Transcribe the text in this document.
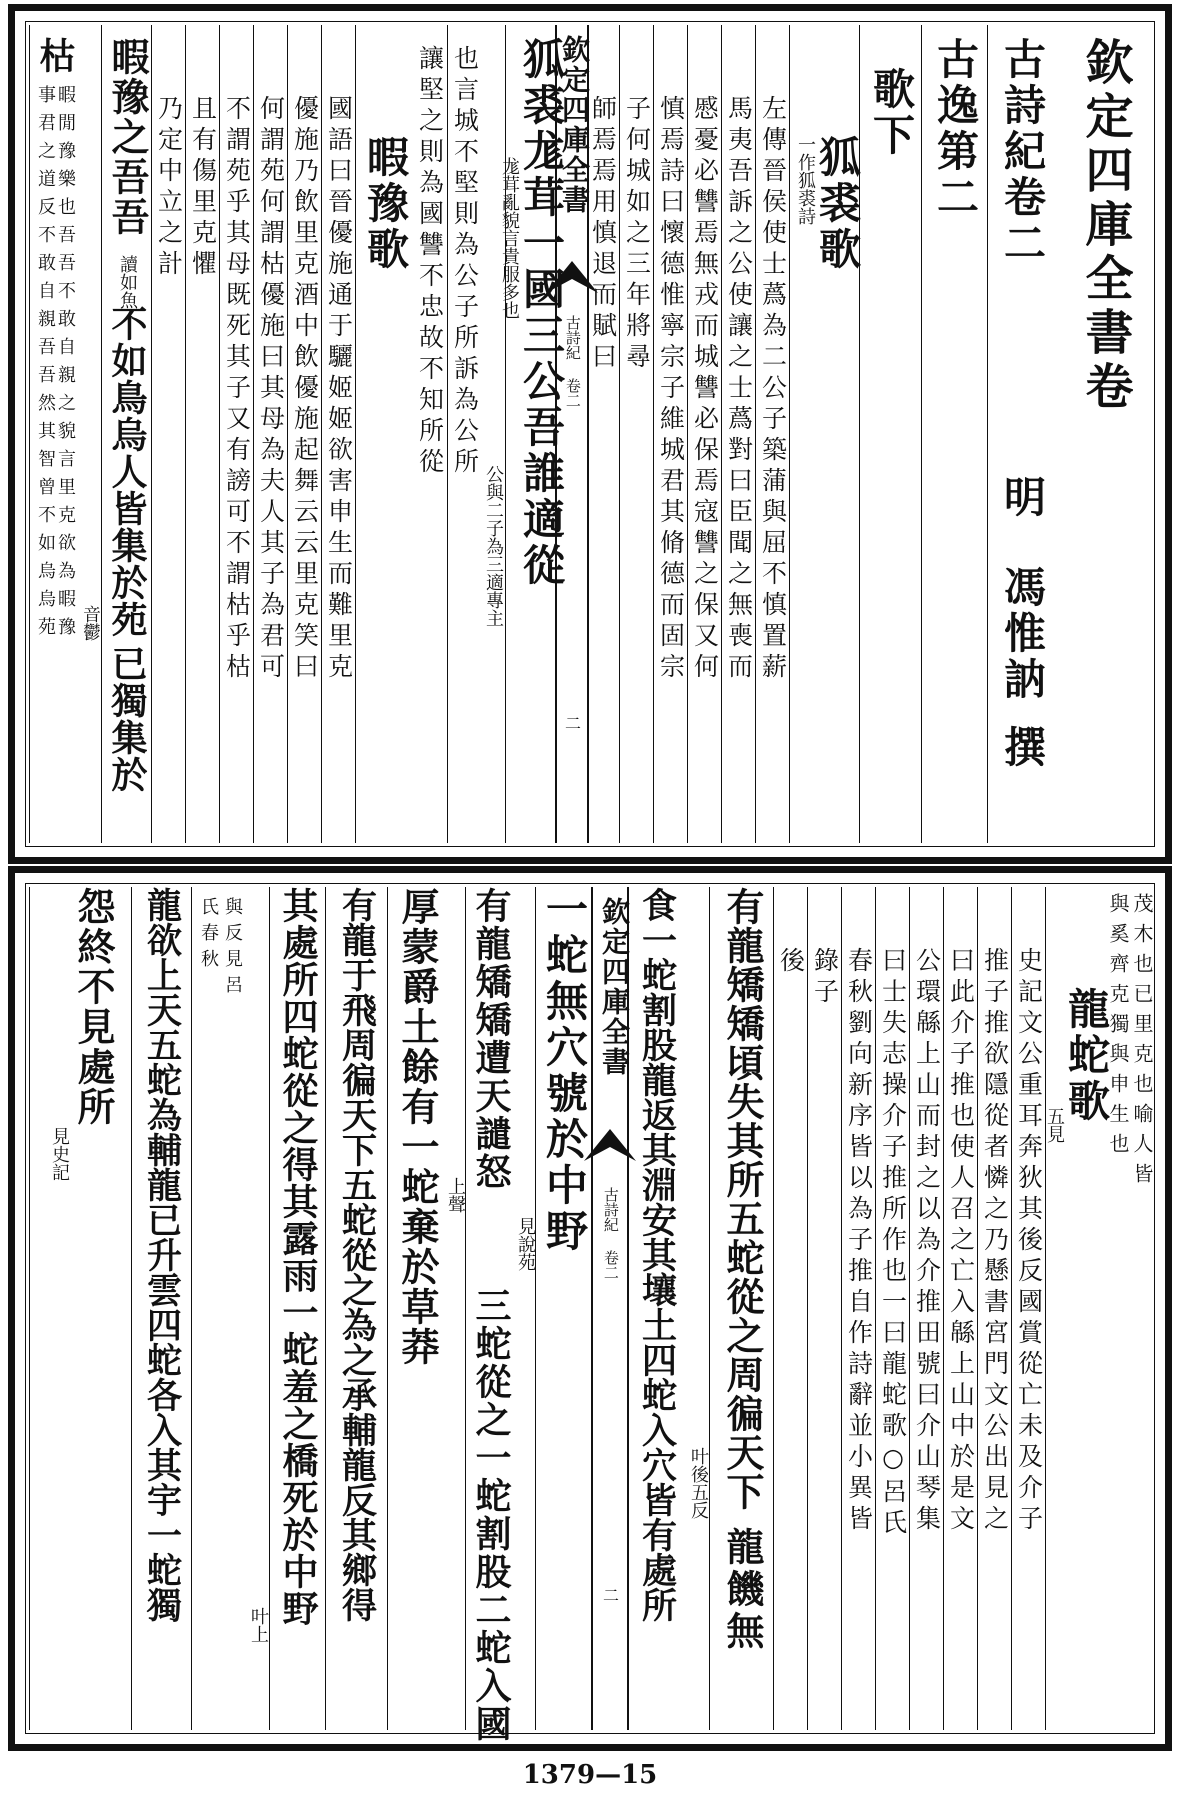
欽定四庫全書卷
古詩紀卷二
明
馮惟訥
撰
古逸第二
歌下
狐裘歌
一作狐裘詩
左傳晉侯使士蔿為二公子築蒲與屈不慎置薪
馬夷吾訴之公使讓之士蔿對曰臣聞之無喪而
慼憂必讐焉無戎而城讐必保焉寇讐之保又何
慎焉詩曰懷德惟寧宗子維城君其脩德而固宗
子何城如之三年將尋
師焉焉用慎退而賦曰
欽定四庫全書
古詩紀 卷二
二
狐裘尨茸一國三公吾誰適從
尨茸亂貌言貴服多也
公與二子為三適專主
也言城不堅則為公子所訴為公所
讓堅之則為國讐不忠故不知所從
暇豫歌
國語曰晉優施通于驪姬姬欲害申生而難里克
優施乃飲里克酒中飲優施起舞云云里克笑曰
何謂苑何謂枯優施曰其母為夫人其子為君可
不謂苑乎其母既死其子又有謗可不謂枯乎枯
且有傷里克懼
乃定中立之計
暇豫之吾吾
讀如魚
不如鳥烏人皆集於苑
已獨集於
音鬱
枯
暇閒豫樂也吾吾不敢自親之貌言里克欲為暇豫
事君之道反不敢自親吾吾然其智曾不如烏烏苑
茂木也已里克也喻人皆
與奚齊克獨與申生也
龍蛇歌
五見
史記文公重耳奔狄其後反國賞從亡未及介子
推子推欲隱從者憐之乃懸書宮門文公出見之
曰此介子推也使人召之亡入緜上山中於是文
公環緜上山而封之以為介推田號曰介山琴集
曰士失志操介子推所作也一曰龍蛇歌○呂氏
春秋劉向新序皆以為子推自作詩辭並小異皆
錄子
後
有龍矯矯頃失其所五蛇從之周徧天下
龍饑無
叶後五反
食一蛇割股龍返其淵安其壤土四蛇入穴皆有處所
欽定四庫全書
古詩紀 卷二
二
一蛇無穴號於中野
見說苑
有龍矯矯遭天譴怒
三蛇從之一蛇割股二蛇入國
上聲
厚蒙爵土餘有一蛇棄於草莽
有龍于飛周徧天下五蛇從之為之承輔龍反其鄉得
其處所四蛇從之得其露雨一蛇羞之橋死於中野
叶上
與反見呂
氏春秋
龍欲上天五蛇為輔龍已升雲四蛇各入其宇一蛇獨
怨終不見處所
見史記
1379—15
